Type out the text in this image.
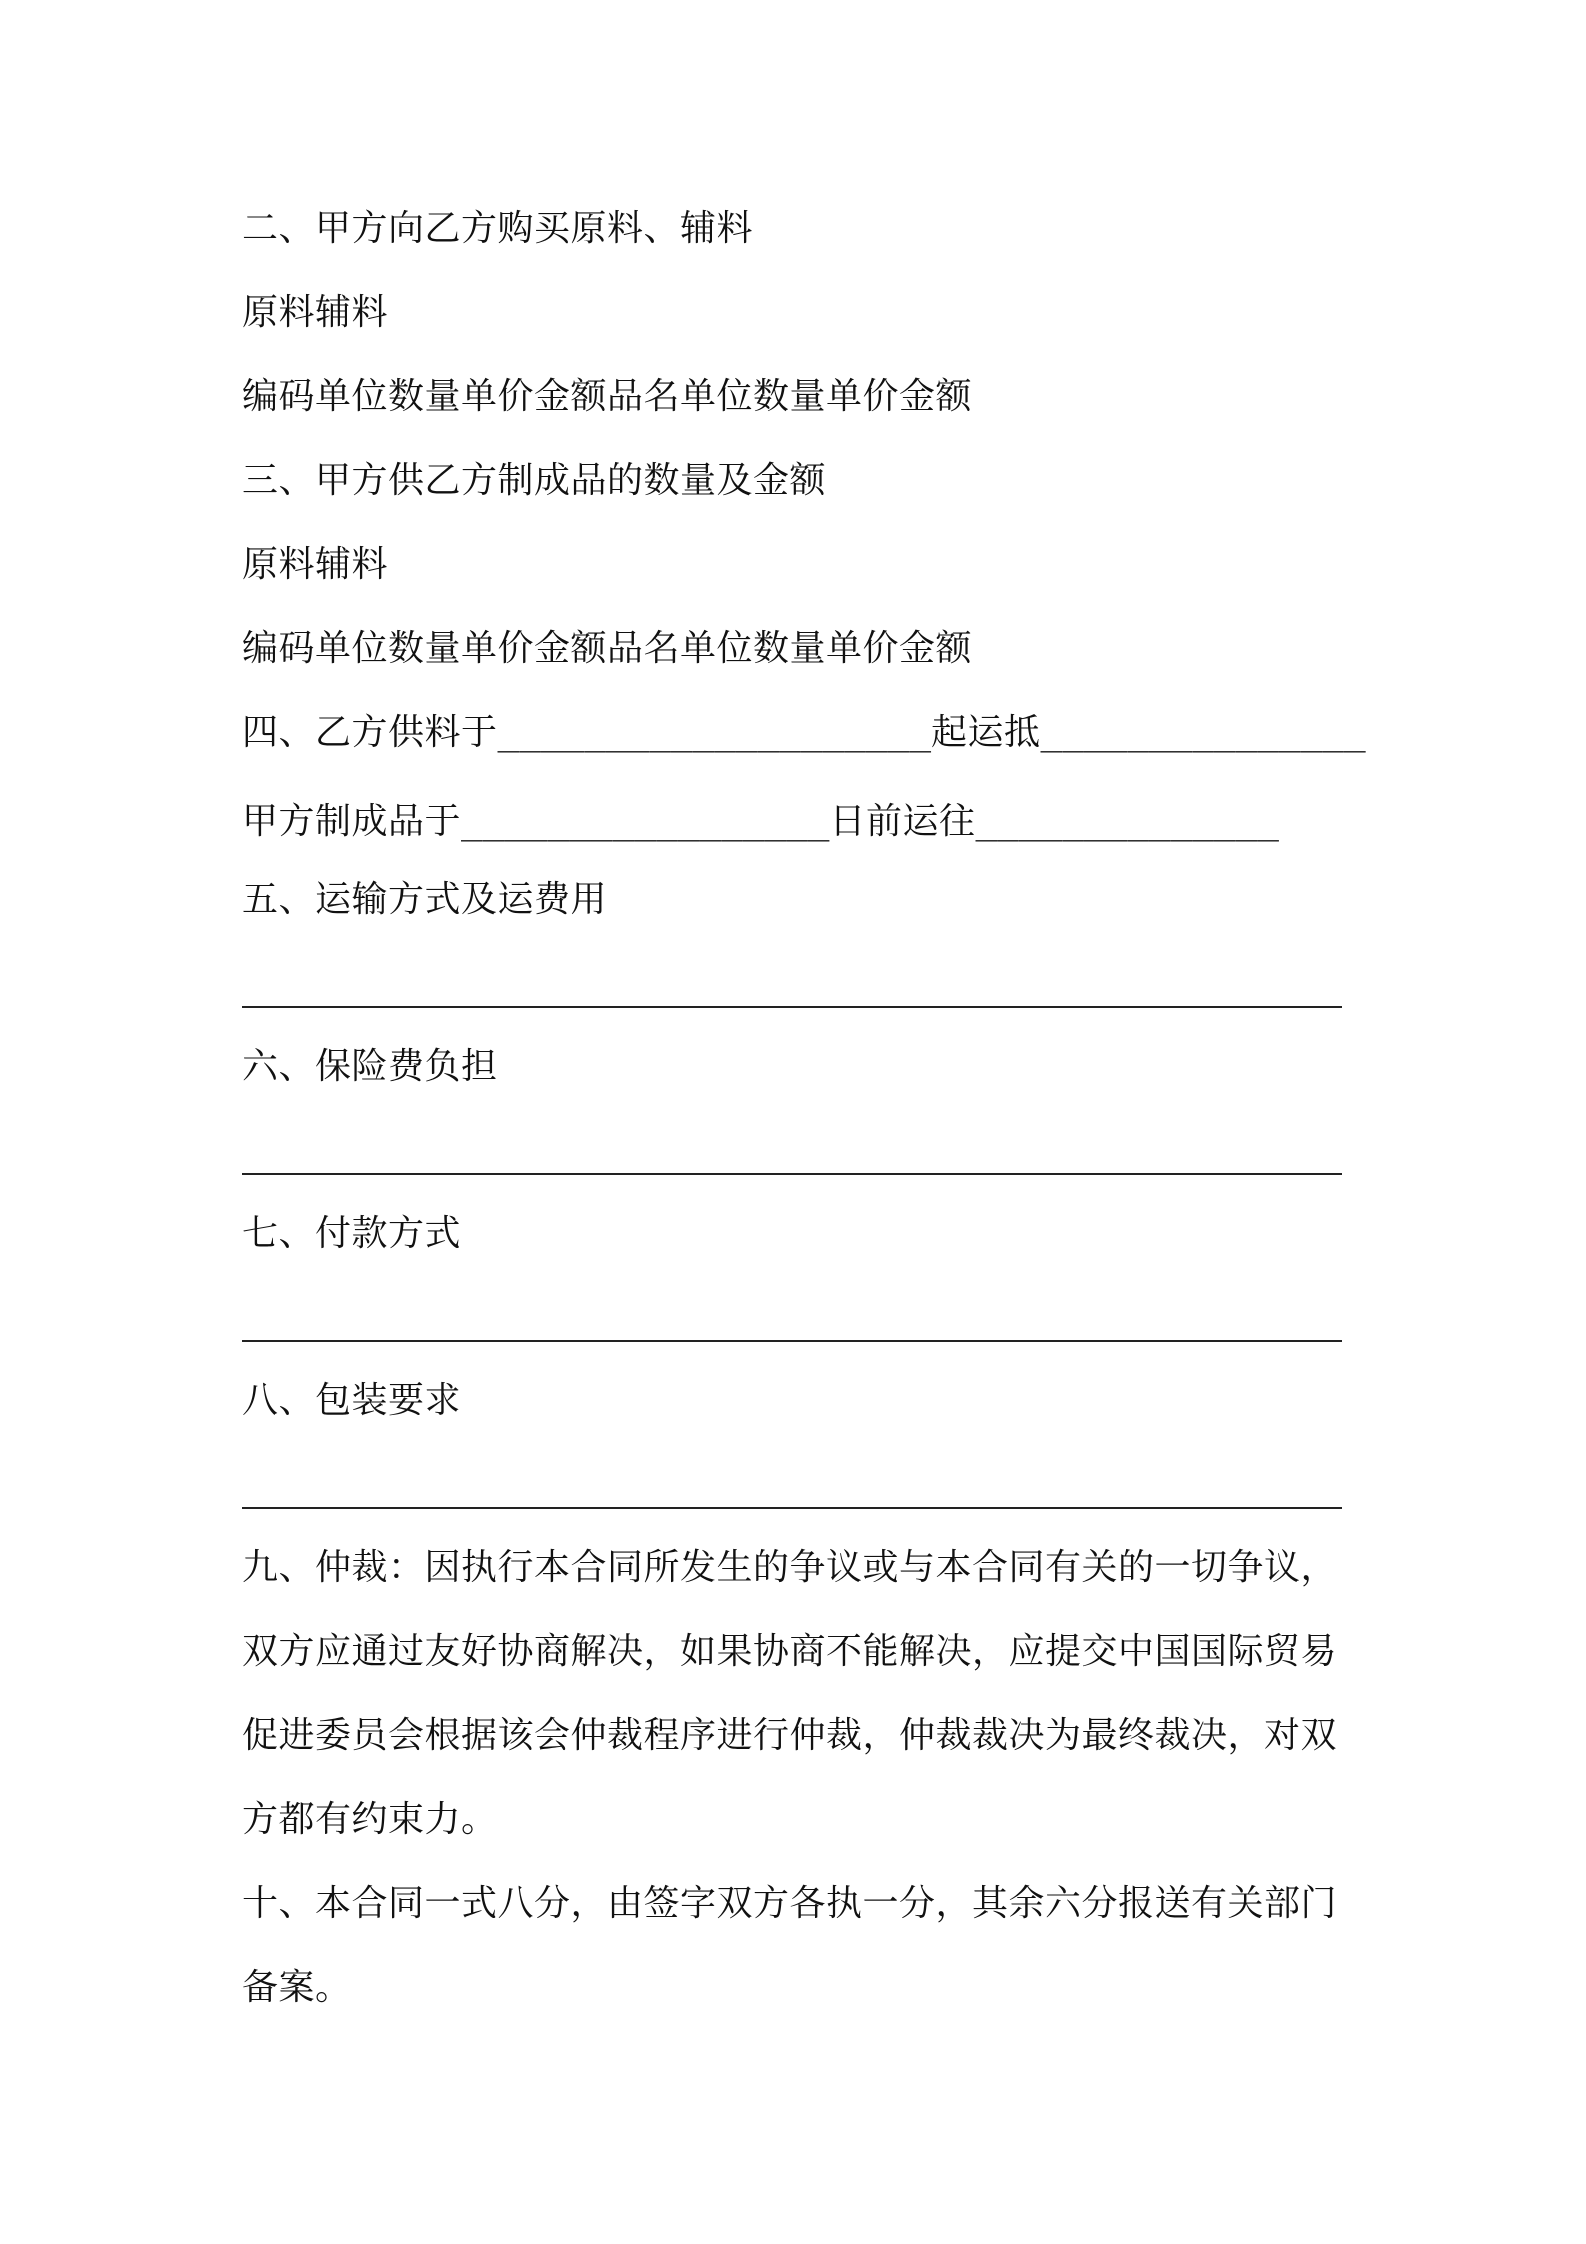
二、甲方向乙方购买原料、辅料

原料辅料

编码单位数量单价金额品名单位数量单价金额

三、甲方供乙方制成品的数量及金额

原料辅料

编码单位数量单价金额品名单位数量单价金额

四、乙方供料于____________________起运抵_______________

甲方制成品于_________________日前运往______________

五、运输方式及运费用

六、保险费负担

七、付款方式

八、包装要求

九、仲裁：因执行本合同所发生的争议或与本合同有关的一切争议，

双方应通过友好协商解决，如果协商不能解决，应提交中国国际贸易

促进委员会根据该会仲裁程序进行仲裁，仲裁裁决为最终裁决，对双

方都有约束力。

十、本合同一式八分，由签字双方各执一分，其余六分报送有关部门

备案。
